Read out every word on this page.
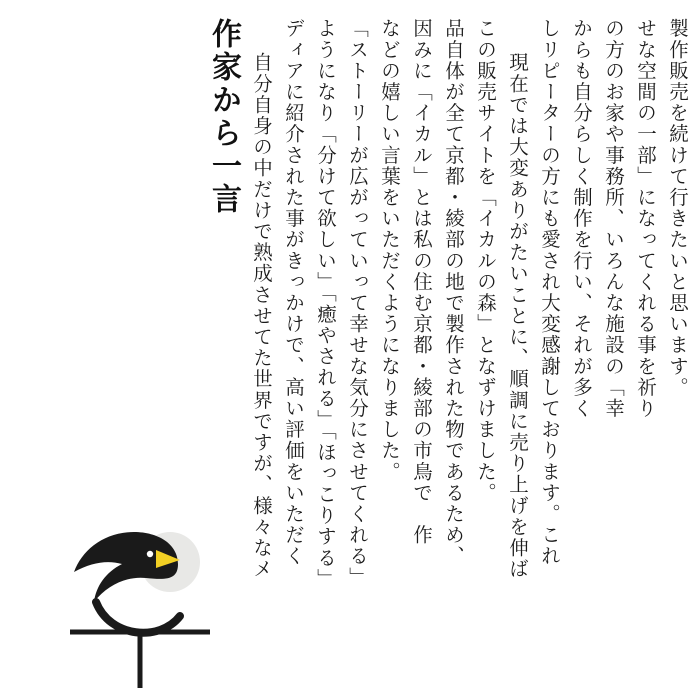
作家から一言 自分自身の中だけで熟成させてた世界ですが、様々なメ ディアに紹介された事がきっかけで、高い評価をいただく ようになり「分けて欲しい」「癒やされる」「ほっこりする」 「ストーリーが広がっていって幸せな気分にさせてくれる」 などの嬉しい言葉をいただくようになりました。 因みに「イカル」とは私の住む京都・綾部の市鳥で　作 品自体が全て京都・綾部の地で製作された物であるため、 この販売サイトを「イカルの森」となずけました。 現在では大変ありがたいことに、順調に売り上げを伸ば しリピーターの方にも愛され大変感謝しております。これ からも自分らしく制作を行い、それが多く の方のお家や事務所、いろんな施設の「幸 せな空間の一部」になってくれる事を祈り 製作販売を続けて行きたいと思います。
